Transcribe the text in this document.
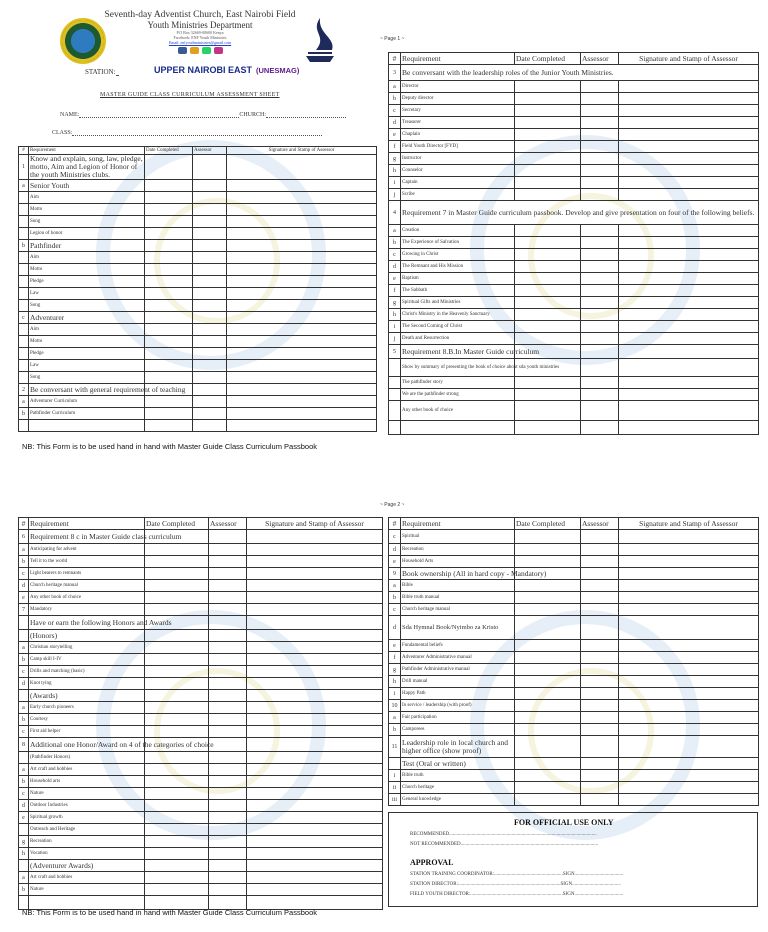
Seventh-day Adventist Church, East Nairobi Field
Youth Ministries Department
P.O Box 32669-00600 Kenya
Facebook: ENF Youth Ministries
Email: enfyouthministries@gmail.com
STATION:	UPPER NAIROBI EAST (UNESMAG)
MASTER GUIDE CLASS CURRICULUM ASSESSMENT SHEET
NAME:	CHURCH:
CLASS:
~ Page 1 ~
~ Page 2 ~
#	Requirement	Date Completed	Assessor	Signature and Stamp of Assessor
1	Know and explain, song, law, pledge, motto, Aim and Legion of Honor of the youth Ministries clubs.			
a	Senior Youth			
	Aim			
	Motto			
	Song			
	Legion of honor			
b	Pathfinder			
	Aim			
	Motto			
	Pledge			
	Law			
	Song			
c	Adventurer			
	Aim			
	Motto			
	Pledge			
	Law			
	Song			
2	Be conversant with general requirement of teaching			
a	Adventurer Curriculum			
b	Pathfinder Curriculum			

#	Requirement	Date Completed	Assessor	Signature and Stamp of Assessor
3	Be conversant with the leadership roles of the Junior Youth Ministries.			
a	Director			
b	Deputy director			
c	Secretary			
d	Treasurer			
e	Chaplain			
f	Field Youth Director [FYD]			
g	Instructor			
h	Counselor			
i	Captain			
j	Scribe			
4	Requirement 7 in Master Guide curriculum passbook. Develop and give presentation on four of the following beliefs.			
a	Creation			
b	The Experience of Salvation			
c	Growing in Christ			
d	The Remnant and His Mission			
e	Baptism			
f	The Sabbath			
g	Spiritual Gifts and Ministries			
h	Christ's Ministry in the Heavenly Sanctuary			
i	The Second Coming of Christ			
j	Death and Resurrection			
5	Requirement 8.B.In Master Guide curriculum			
	Show by summary of presenting the book of choice about sda youth ministries			
	The pathfinder story			
	We are the pathfinder strong			
	Any other book of choice			

NB: This Form is to be used hand in hand with Master Guide Class Curriculum Passbook
#	Requirement	Date Completed	Assessor	Signature and Stamp of Assessor
6	Requirement 8 c in Master Guide class curriculum			
a	Anticipating for advent			
b	Tell it to the world			
c	Light bearers to remnants			
d	Church heritage manual			
e	Any other book of choice			
7	Mandatory			
	Have or earn the following Honors and Awards			
	(Honors)			
a	Christian storytelling			
b	Camp skill I-IV			
c	Drills and matching (basic)			
d	Knot tying			
	(Awards)			
a	Early church pioneers			
b	Courtesy			
c	First aid helper			
8	Additional one Honor/Award on 4 of the categories of choice			
	(Pathfinder Honors)			
a	Art craft and hobbies			
b	Household arts			
c	Nature			
d	Outdoor Industries			
e	Spiritual growth			
	Outreach and Heritage			
g	Recreation			
h	Vocation			
	(Adventurer Awards)			
a	Art craft and hobbies			
b	Nature			

#	Requirement	Date Completed	Assessor	Signature and Stamp of Assessor
c	Spiritual			
d	Recreation			
e	Household Arts			
9	Book ownership (All in hard copy - Mandatory)			
a	Bible			
b	Bible truth manual			
c	Church heritage manual			
d	Sda Hymnal Book/Nyimbo za Kristo			
e	Fundamental beliefs			
f	Adventurer Administrative manual			
g	Pathfinder Administrative manual			
h	Drill manual			
i	Happy Path			
10	In service / leadership (with proof)			
a	Fair participation			
b	Camporees			
11	Leadership role in local church and higher office (show proof)			
	Test (Oral or written)			
i	Bible truth			
ii	Church heritage			
iii	General knowledge			
FOR OFFICIAL USE ONLY
RECOMMENDED......................................................................................................................
NOT RECOMMENDED..............................................................................................................
APPROVAL
STATION TRAINING COORDINATOR:.......................................................SIGN.......................................
STATION DIRECTOR:..................................................................................SIGN.......................................
FIELD YOUTH DIRECTOR:..........................................................................SIGN.......................................
NB: This Form is to be used hand in hand with Master Guide Class Curriculum Passbook
